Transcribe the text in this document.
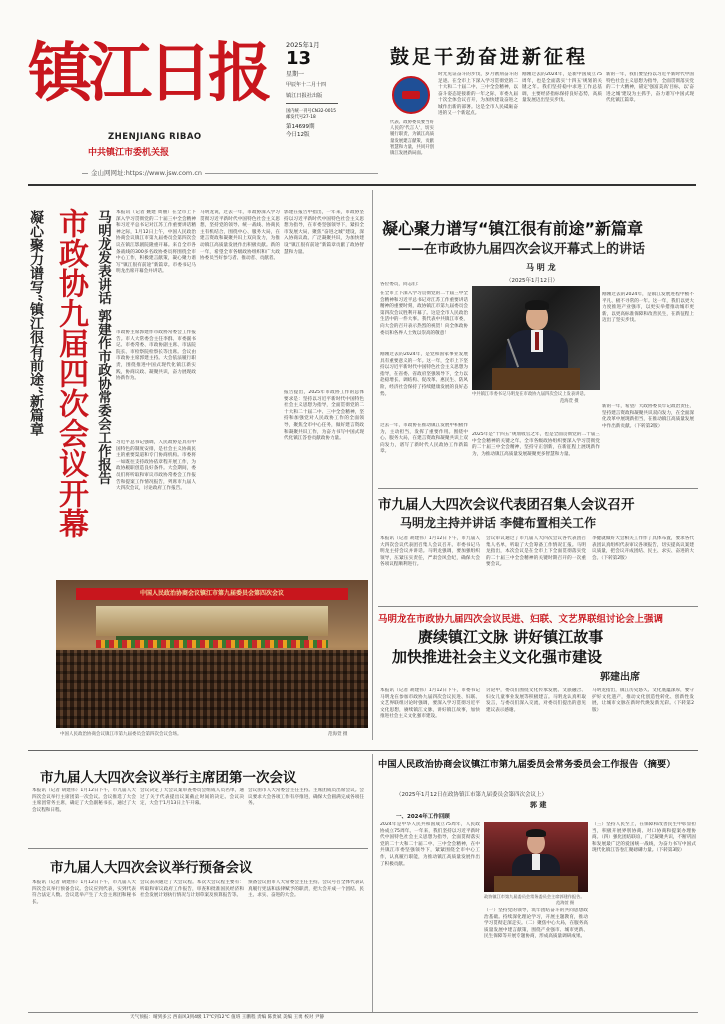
镇江日报
ZHENJIANG RIBAO
中共镇江市委机关报
金山网网址:https://www.jsw.com.cn
2025年1月
13
星期一
甲辰年十二月十四
镇江日报社出版
国内统一刊号CN32-0015
邮发代号27-18
第14699期
今日12版
鼓足干劲奋进新征程
时光见证奋斗的步伐，岁月镌刻奋斗的足迹。在全市上下深入学习贯彻党的二十大和二十届二中、三中全会精神，以奋斗姿态迎接新的一年之际，市委九届十次全体会议召开，为加快建设奋进之城作出新的部署。这是全市人民砥砺奋进的又一个新起点。
刚刚过去的2024年，是新中国成立75周年，也是全面落实'十四五'规划的关键之年。我们坚持稳中求进工作总基调，主要经济指标保持良好态势，高质量发展迈出坚实步伐。
新的一年，我们要坚持以习近平新时代中国特色社会主义思想为指导，全面贯彻落实党的二十大精神，锚定'强富美高'目标，以'奋进之城'建设为主抓手，奋力谱写中国式现代化镇江篇章。
代表、政协委员要当好人民的'代言人'，切实履行职责，为镇江高质量发展建言献策，贡献智慧和力量，共同开创镇江发展新局面。
凝心聚力谱写“镇江很有前途”新篇章 市政协九届四次会议开幕 马明龙发表讲话 郭建作市政协常委会工作报告 本报讯（记者 姚建 周丽）在全市上下深入学习贯彻党的二十届三中全会精神和习近平总书记对江苏工作重要讲话精神之际，1月12日上午，中国人民政治协商会议镇江市第九届委员会第四次会议在镇江影剧院隆重开幕。来自全市各条战线的300多名政协委员将围绕全市中心工作，积极建言献策，凝心聚力谱写“镇江很有前途”新篇章。市委书记马明龙出席开幕会并讲话。
市政协主席郭建作市政协常委会工作报告。市人大常委会主任李群、市委副书记、市委常委、市政协副主席、市法院院长、市检察院检察长等出席。会议由市政协主席郭建主持。大会依法履行职责，围绕推进中国式现代化镇江新实践，协商议政、凝聚共识，奋力展现政协新作为。
习近平总书记强调，人民政协是具有中国特色的制度安排，是社会主义协商民主的重要渠道和专门协商机构。市委将一如既往支持政协依章程开展工作，为政协履职创造良好条件。大会期间，委员们将听取和审议市政协常委会工作报告和提案工作情况报告，列席市九届人大四次会议，讨论政府工作报告。
马明龙说，过去一年，市政协深入学习贯彻习近平新时代中国特色社会主义思想，坚持党的领导、统一战线、协商民主有机结合，围绕中心、服务大局，在建言资政和凝聚共识上双向发力，为推动镇江高质量发展作出积极贡献。新的一年，希望全市各级政协组织和广大政协委员当好参与者、推动者、贡献者。
郭建在报告中指出，一年来，市政协坚持以习近平新时代中国特色社会主义思想为指导，在市委坚强领导下，紧扣全市发展大局，聚焦“奋进之城”建设，深入协商议政、广泛凝聚共识，为加快建设“镇江很有前途”新篇章贡献了政协智慧和力量。
报告提出，2025年市政协工作的总体要求是：坚持以习近平新时代中国特色社会主义思想为指导，全面贯彻党的二十大和二十届二中、三中全会精神，坚持和加强党对人民政协工作的全面领导，聚焦全市中心任务，做好建言资政和凝聚共识工作，为奋力书写中国式现代化镇江答卷贡献政协力量。
中国人民政治协商会议镇江市第九届委员会第四次会议
中国人民政治协商会议镇江市第九届委员会第四次会议会场。	范海萱 摄
凝心聚力谱写“镇江很有前途”新篇章
——在市政协九届四次会议开幕式上的讲话
马 明 龙
（2025年1月12日）
各位委员，同志们：
在全市上下深入学习贯彻党的二十届三中全会精神和习近平总书记对江苏工作重要讲话精神的重要时刻，政协镇江市第九届委员会第四次会议胜利开幕了。这是全市人民政治生活中的一件大事。我代表中共镇江市委，向大会的召开表示热烈的祝贺！向全体政协委员和各界人士致以崇高的敬意！
刚刚过去的2024年，是党和国家事业发展具有重要意义的一年。这一年，全市上下坚持以习近平新时代中国特色社会主义思想为指导，在省委、省政府坚强领导下，全力以赴稳增长、调结构、促改革、惠民生、防风险，经济社会保持了持续健康发展的良好态势。
过去一年，市政协在推动镇江发展中积极作为，主动担当，发挥了重要作用。围绕中心、服务大局，在建言资政和凝聚共识上双向发力，谱写了新时代人民政协工作新篇章。
2025年是“十四五”规划收官之年，也是全面贯彻党的二十届三中全会精神的关键之年。全市各级政协组织要深入学习贯彻党的二十届三中全会精神，坚持守正创新，在新征程上展现新作为，为推动镇江高质量发展凝聚更多智慧和力量。
刚刚过去的2024年，是镇江发展进程中极不平凡、极不寻常的一年。这一年，我们以更大力度推进产业强市，以更实举措推动城市更新，以更高标准保障和改善民生，在新征程上迈出了坚实步伐。
新的一年，希望广大政协委员牢记政治责任，坚持建言资政和凝聚共识双向发力，在全面深化改革中展现新担当，在推动镇江高质量发展中作出新贡献。（下转第2版）
中共镇江市委书记马明龙在市政协九届四次会议上发表讲话。
范海萱 摄
市九届人大四次会议代表团召集人会议召开
马明龙主持并讲话 李健布置相关工作
本报讯（记者 胡建伟）1月12日下午，市九届人大四次会议代表团召集人会议召开。市委书记马明龙主持会议并讲话。马明龙强调，要加强组织领导，压紧压实责任，严肃会风会纪，确保大会各项议程顺利进行。
会议审议通过了市九届人大四次会议各代表团召集人名单，听取了大会筹备工作情况汇报。马明龙指出，本次会议是在全市上下全面贯彻落实党的二十届三中全会精神的关键时期召开的一次重要会议。
李健就做好大会相关工作作了具体布置，要求各代表团认真组织代表审议各项报告，切实提高议案建议质量，把会议开成团结、民主、求实、奋进的大会。（下转第2版）
马明龙在市政协九届四次会议民进、妇联、文艺界联组讨论会上强调
赓续镇江文脉 讲好镇江故事
加快推进社会主义文化强市建设
郭建出席
本报讯（记者 胡建伟）1月12日下午，市委书记马明龙在参加市政协九届四次会议民进、妇联、文艺界联组讨论时强调，要深入学习贯彻习近平文化思想，赓续镇江文脉，讲好镇江故事，加快推进社会主义文化强市建设。
讨论中，委员们围绕文化传承发展、文旅融合、妇女儿童事业发展等积极建言。马明龙认真听取发言，与委员们深入交流，对委员们提出的意见建议表示感谢。
马明龙指出，镇江历史悠久、文化底蕴深厚，要守护好文化遗产，推动文化创造性转化、创新性发展，让城市文脉在新时代焕发新光彩。（下转第2版）
市九届人大四次会议举行主席团第一次会议
本报讯（记者 胡建伟）1月12日下午，市九届人大四次会议举行主席团第一次会议。会议推选了大会主席团常务主席，确定了大会副秘书长，通过了大会议程和日程。
会议决定了大会议案审查委员会组成人员名单，通过了关于代表提出议案截止时间的决定。会议决定，大会于1月13日上午开幕。
会议由市人大常委会主任主持。主席团成员出席会议。会议要求大会各项工作有序推进，确保大会圆满完成各项任务。
市九届人大四次会议举行预备会议
本报讯（记者 胡建伟）1月12日下午，市九届人大四次会议举行预备会议。会议应到代表，实到代表符合法定人数。会议选举产生了大会主席团和秘书长。
会议表决通过了大会议程。本次大会议程主要有：听取和审议政府工作报告，审查和批准国民经济和社会发展计划执行情况与计划草案及预算报告等。
预备会议由市人大常委会主任主持。会议号召全体代表认真履行宪法和法律赋予的职责，把大会开成一个团结、民主、求实、奋进的大会。
中国人民政治协商会议镇江市第九届委员会常务委员会工作报告（摘要）
（2025年1月12日在政协镇江市第九届委员会第四次会议上）
郭 建
一、2024年工作回顾
2024年是中华人民共和国成立75周年，人民政协成立75周年。一年来，我们坚持以习近平新时代中国特色社会主义思想为指导，全面贯彻落实党的二十大和二十届二中、三中全会精神，在中共镇江市委坚强领导下，紧紧围绕全市中心工作，认真履行职能，为推动镇江高质量发展作出了积极贡献。
（一）坚持党的领导，筑牢团结奋斗的共同思想政治基础。持续深化理论学习，开展主题教育，推动学习贯彻走深走实。（二）聚焦中心大局，在服务高质量发展中建言献策，围绕产业强市、城市更新、民生保障等开展专题协商，形成高质量调研成果。
（三）坚持人民至上，在保障和改善民生中彰显担当，积极开展界别协商、对口协商和提案办理协商。（四）强化团结联谊，广泛凝聚共识，不断巩固和发展最广泛的爱国统一战线，为奋力书写中国式现代化镇江答卷汇聚磅礴力量。（下转第3版）
政协镇江市第九届委员会常务委员会主席郭建作报告。
范海萱 摄
天气预报：晴到多云 西南风3到4级 17℃到12℃ 值班 王鹏程 责编 陈贵斌 美编 王勇 校对 尹静
